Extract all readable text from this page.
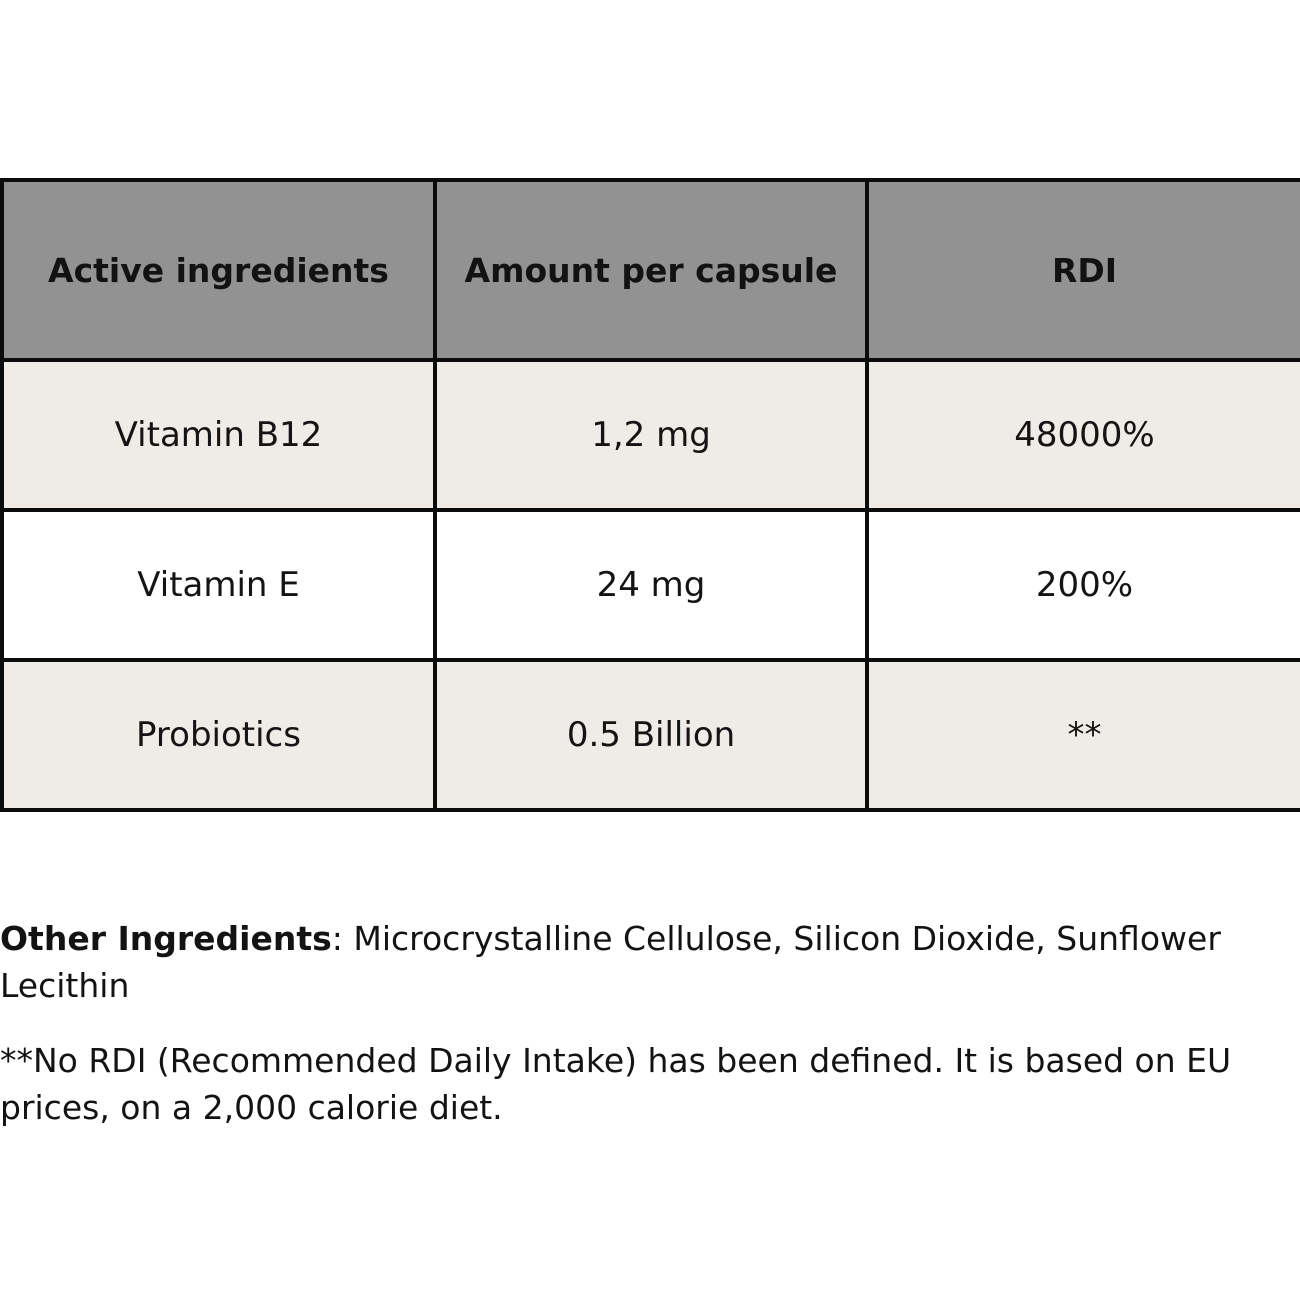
Active ingredients	Amount per capsule	RDI
Vitamin B12	1,2 mg	48000%
Vitamin E	24 mg	200%
Probiotics	0.5 Billion	**

Other Ingredients: Microcrystalline Cellulose, Silicon Dioxide, Sunflower Lecithin

**No RDI (Recommended Daily Intake) has been defined. It is based on EU prices, on a 2,000 calorie diet.
